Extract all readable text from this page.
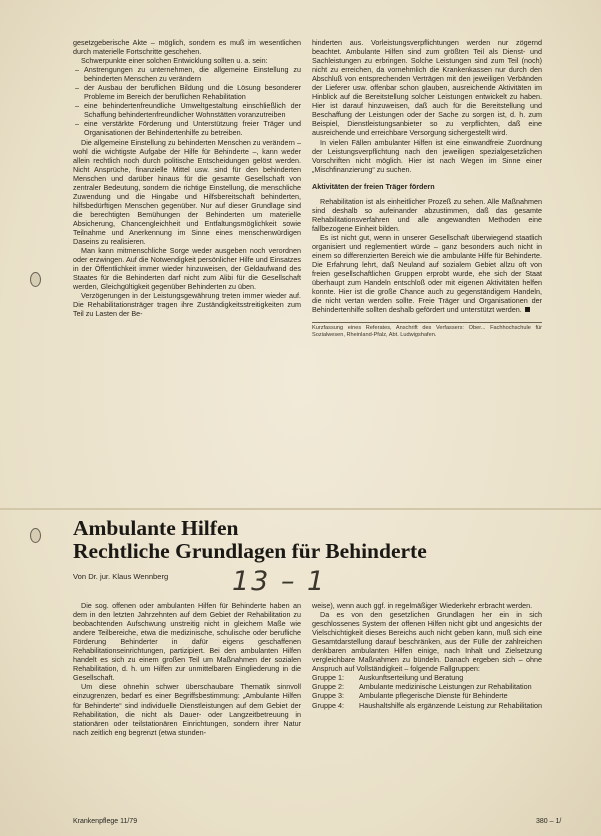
gesetzgeberische Akte – möglich, sondern es muß im wesentlichen durch materielle Fortschritte geschehen.

Schwerpunkte einer solchen Entwicklung sollten u. a. sein:

– Anstrengungen zu unternehmen, die allgemeine Einstellung zu behinderten Menschen zu verändern
– der Ausbau der beruflichen Bildung und die Lösung besonderer Probleme im Bereich der beruflichen Rehabilitation
– eine behindertenfreundliche Umweltgestaltung einschließlich der Schaffung behindertenfreundlicher Wohnstätten voranzutreiben
– eine verstärkte Förderung und Unterstützung freier Träger und Organisationen der Behindertenhilfe zu betreiben.

Die allgemeine Einstellung zu behinderten Menschen zu verändern – wohl die wichtigste Aufgabe der Hilfe für Behinderte –, kann weder allein rechtlich noch durch politische Entscheidungen gelöst werden. Nicht Ansprüche, finanzielle Mittel usw. sind für den behinderten Menschen und darüber hinaus für die gesamte Gesellschaft von zentraler Bedeutung, sondern die richtige Einstellung, die menschliche Zuwendung und die Hingabe und Hilfsbereitschaft behinderten, hilfsbedürftigen Menschen gegenüber. Nur auf dieser Grundlage sind die berechtigten Bemühungen der Behinderten um materielle Absicherung, Chancengleichheit und Entfaltungsmöglichkeit sowie Teilnahme und Anerkennung im Sinne eines menschenwürdigen Daseins zu realisieren.

Man kann mitmenschliche Sorge weder ausgeben noch verordnen oder erzwingen. Auf die Notwendigkeit persönlicher Hilfe und Einsatzes in der Öffentlichkeit immer wieder hinzuweisen, der Geldaufwand des Staates für die Behinderten darf nicht zum Alibi für die Gesellschaft werden, Gleichgültigkeit gegenüber Behinderten zu üben.

Verzögerungen in der Leistungsgewährung treten immer wieder auf. Die Rehabilitationsträger tragen ihre Zuständigkeitsstreitigkeiten zum Teil zu Lasten der Be-

hinderten aus. Vorleistungsverpflichtungen werden nur zögernd beachtet. Ambulante Hilfen sind zum größten Teil als Dienst- und Sachleistungen zu erbringen. Solche Leistungen sind zum Teil (noch) nicht zu erreichen, da vornehmlich die Krankenkassen nur durch den Abschluß von entsprechenden Verträgen mit den jeweiligen Verbänden der Lieferer usw. offenbar schon glauben, ausreichende Aktivitäten im Hinblick auf die Bereitstellung solcher Leistungen entwickelt zu haben. Hier ist darauf hinzuweisen, daß auch für die Bereitstellung und Beschaffung der Leistungen oder der Sache zu sorgen ist, d. h. zum Beispiel, Dienstleistungsanbieter so zu verpflichten, daß eine ausreichende und erreichbare Versorgung sichergestellt wird.

In vielen Fällen ambulanter Hilfen ist eine einwandfreie Zuordnung der Leistungsverpflichtung nach den jeweiligen spezialgesetzlichen Vorschriften nicht möglich. Hier ist nach Wegen im Sinne einer „Mischfinanzierung“ zu suchen.

Aktivitäten der freien Träger fördern

Rehabilitation ist als einheitlicher Prozeß zu sehen. Alle Maßnahmen sind deshalb so aufeinander abzustimmen, daß das gesamte Rehabilitationsverfahren und alle angewandten Methoden eine fallbezogene Einheit bilden.

Es ist nicht gut, wenn in unserer Gesellschaft überwiegend staatlich organisiert und reglementiert würde – ganz besonders auch nicht in einem so differenzierten Bereich wie die ambulante Hilfe für Behinderte. Die Erfahrung lehrt, daß Neuland auf sozialem Gebiet allzu oft von freien gesellschaftlichen Gruppen erprobt wurde, ehe sich der Staat überhaupt zum Handeln entschloß oder mit eigenen Aktivitäten helfen konnte. Hier ist die große Chance auch zu gegenständigem Handeln, die nicht vertan werden sollte. Freie Träger und Organisationen der Behindertenhilfe sollten deshalb gefördert und unterstützt werden.

Kurzfassung eines Referates, Anschrift des Verfassers: Ober... Fachhochschule für Sozialwesen, Rheinland-Pfalz, Abt. Ludwigshafen.

Ambulante Hilfen
Rechtliche Grundlagen für Behinderte
Von Dr. jur. Klaus Wennberg 13 – 1

Die sog. offenen oder ambulanten Hilfen für Behinderte haben an dem in den letzten Jahrzehnten auf dem Gebiet der Rehabilitation zu beobachtenden Aufschwung unstreitig nicht in gleichem Maße wie andere Teilbereiche, etwa die medizinische, schulische oder berufliche Förderung Behinderter in dafür eigens geschaffenen Rehabilitationseinrichtungen, partizipiert. Bei den ambulanten Hilfen handelt es sich zu einem großen Teil um Maßnahmen der sozialen Rehabilitation, d. h. um Hilfen zur unmittelbaren Eingliederung in die Gesellschaft.

Um diese ohnehin schwer überschaubare Thematik sinnvoll einzugrenzen, bedarf es einer Begriffsbestimmung: „Ambulante Hilfen für Behinderte“ sind individuelle Dienstleistungen auf dem Gebiet der Rehabilitation, die nicht als Dauer- oder Langzeitbetreuung in stationären oder teilstationären Einrichtungen, sondern ihrer Natur nach zeitlich eng begrenzt (etwa stunden-

weise), wenn auch ggf. in regelmäßiger Wiederkehr erbracht werden.

Da es von den gesetzlichen Grundlagen her ein in sich geschlossenes System der offenen Hilfen nicht gibt und angesichts der Vielschichtigkeit dieses Bereichs auch nicht geben kann, muß sich eine Gesamtdarstellung darauf beschränken, aus der Fülle der zahlreichen denkbaren ambulanten Hilfen einige, nach Inhalt und Zielsetzung vergleichbare Maßnahmen zu bündeln. Danach ergeben sich – ohne Anspruch auf Vollständigkeit – folgende Fallgruppen:

Gruppe 1:	Auskunftserteilung und Beratung
Gruppe 2:	Ambulante medizinische Leistungen zur Rehabilitation
Gruppe 3:	Ambulante pflegerische Dienste für Behinderte
Gruppe 4:	Haushaltshilfe als ergänzende Leistung zur Rehabilitation
Krankenpflege 11/79	380 – 1/
